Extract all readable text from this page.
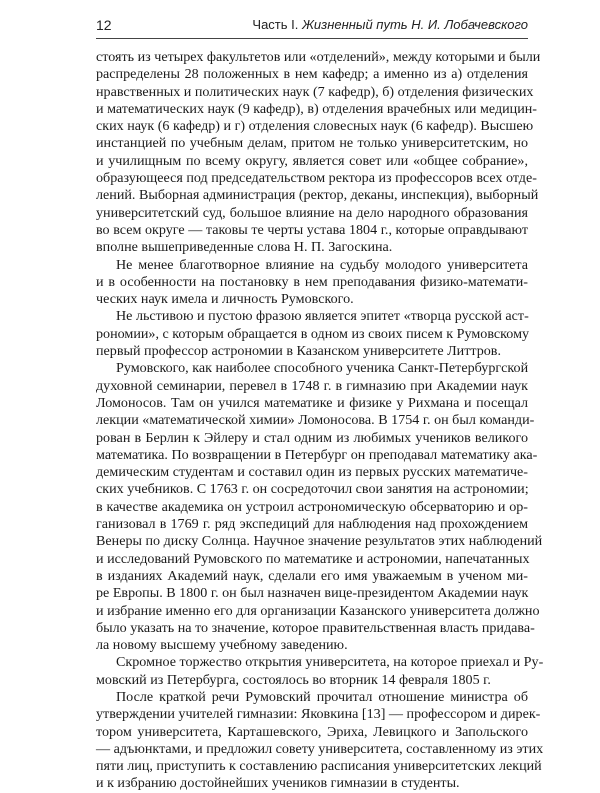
12	Часть I. Жизненный путь Н. И. Лобачевского

стоять из четырех факультетов или «отделений», между которыми и были
распределены 28 положенных в нем кафедр; а именно из а) отделения
нравственных и политических наук (7 кафедр), б) отделения физических
и математических наук (9 кафедр), в) отделения врачебных или медицин-
ских наук (6 кафедр) и г) отделения словесных наук (6 кафедр). Высшею
инстанцией по учебным делам, притом не только университетским, но
и училищным по всему округу, является совет или «общее собрание»,
образующееся под председательством ректора из профессоров всех отде-
лений. Выборная администрация (ректор, деканы, инспекция), выборный
университетский суд, большое влияние на дело народного образования
во всем округе — таковы те черты устава 1804 г., которые оправдывают
вполне вышеприведенные слова Н. П. Загоскина.

Не менее благотворное влияние на судьбу молодого университета
и в особенности на постановку в нем преподавания физико-математи-
ческих наук имела и личность Румовского.

Не льстивою и пустою фразою является эпитет «творца русской аст-
рономии», с которым обращается в одном из своих писем к Румовскому
первый профессор астрономии в Казанском университете Литтров.

Румовского, как наиболее способного ученика Санкт-Петербургской
духовной семинарии, перевел в 1748 г. в гимназию при Академии наук
Ломоносов. Там он учился математике и физике у Рихмана и посещал
лекции «математической химии» Ломоносова. В 1754 г. он был команди-
рован в Берлин к Эйлеру и стал одним из любимых учеников великого
математика. По возвращении в Петербург он преподавал математику ака-
демическим студентам и составил один из первых русских математиче-
ских учебников. С 1763 г. он сосредоточил свои занятия на астрономии;
в качестве академика он устроил астрономическую обсерваторию и ор-
ганизовал в 1769 г. ряд экспедиций для наблюдения над прохождением
Венеры по диску Солнца. Научное значение результатов этих наблюдений
и исследований Румовского по математике и астрономии, напечатанных
в изданиях Академий наук, сделали его имя уважаемым в ученом ми-
ре Европы. В 1800 г. он был назначен вице-президентом Академии наук
и избрание именно его для организации Казанского университета должно
было указать на то значение, которое правительственная власть придава-
ла новому высшему учебному заведению.

Скромное торжество открытия университета, на которое приехал и Ру-
мовский из Петербурга, состоялось во вторник 14 февраля 1805 г.

После краткой речи Румовский прочитал отношение министра об
утверждении учителей гимназии: Яковкина [13] — профессором и дирек-
тором университета, Карташевского, Эриха, Левицкого и Запольского
— адъюнктами, и предложил совету университета, составленному из этих
пяти лиц, приступить к составлению расписания университетских лекций
и к избранию достойнейших учеников гимназии в студенты.
